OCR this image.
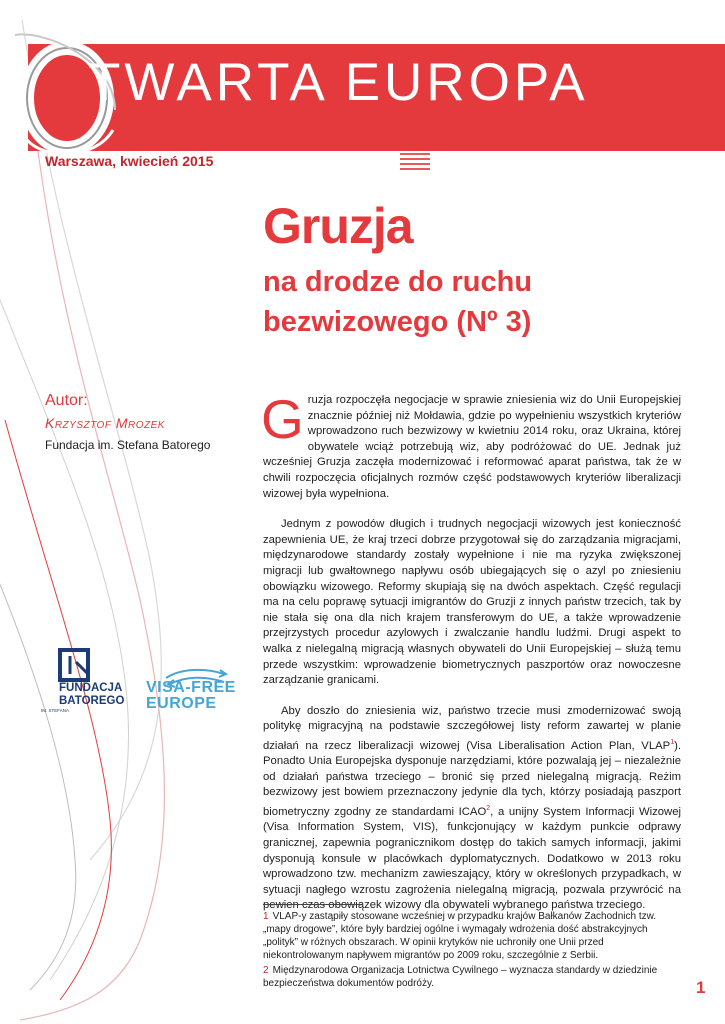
TWARTA EUROPA
Warszawa, kwiecień 2015
Gruzja
na drodze do ruchu
bezwizowego (Nº 3)
Autor:
Krzysztof Mrozek
Fundacja im. Stefana Batorego
FUNDACJA
BATOREGO
IM. STEFANA
VISA-FREE
EUROPE

Gruzja rozpoczęła negocjacje w sprawie zniesienia wiz do Unii Europejskiej znacznie później niż Mołdawia, gdzie po wypełnieniu wszystkich kryteriów wprowadzono ruch bezwizowy w kwietniu 2014 roku, oraz Ukraina, której obywatele wciąż potrzebują wiz, aby podróżować do UE. Jednak już wcześniej Gruzja zaczęła modernizować i reformować aparat państwa, tak że w chwili rozpoczęcia oficjalnych rozmów część podstawowych kryteriów liberalizacji wizowej była wypełniona.

Jednym z powodów długich i trudnych negocjacji wizowych jest konieczność zapewnienia UE, że kraj trzeci dobrze przygotował się do zarządzania migracjami, międzynarodowe standardy zostały wypełnione i nie ma ryzyka zwiększonej migracji lub gwałtownego napływu osób ubiegających się o azyl po zniesieniu obowiązku wizowego. Reformy skupiają się na dwóch aspektach. Część regulacji ma na celu poprawę sytuacji imigrantów do Gruzji z innych państw trzecich, tak by nie stała się ona dla nich krajem transferowym do UE, a także wprowadzenie przejrzystych procedur azylowych i zwalczanie handlu ludźmi. Drugi aspekt to walka z nielegalną migracją własnych obywateli do Unii Europejskiej – służą temu przede wszystkim: wprowadzenie biometrycznych paszportów oraz nowoczesne zarządzanie granicami.

Aby doszło do zniesienia wiz, państwo trzecie musi zmodernizować swoją politykę migracyjną na podstawie szczegółowej listy reform zawartej w planie działań na rzecz liberalizacji wizowej (Visa Liberalisation Action Plan, VLAP$^1$). Ponadto Unia Europejska dysponuje narzędziami, które pozwalają jej – niezależnie od działań państwa trzeciego – bronić się przed nielegalną migracją. Reżim bezwizowy jest bowiem przeznaczony jedynie dla tych, którzy posiadają paszport biometryczny zgodny ze standardami ICAO$^2$, a unijny System Informacji Wizowej (Visa Information System, VIS), funkcjonujący w każdym punkcie odprawy granicznej, zapewnia pogranicznikom dostęp do takich samych informacji, jakimi dysponują konsule w placówkach dyplomatycznych. Dodatkowo w 2013 roku wprowadzono tzw. mechanizm zawieszający, który w określonych przypadkach, w sytuacji nagłego wzrostu zagrożenia nielegalną migracją, pozwala przywrócić na pewien czas obowiązek wizowy dla obywateli wybranego państwa trzeciego.

1 VLAP-y zastąpiły stosowane wcześniej w przypadku krajów Bałkanów Zachodnich tzw. „mapy drogowe”, które były bardziej ogólne i wymagały wdrożenia dość abstrakcyjnych „polityk” w różnych obszarach. W opinii krytyków nie uchroniły one Unii przed niekontrolowanym napływem migrantów po 2009 roku, szczególnie z Serbii.
2 Międzynarodowa Organizacja Lotnictwa Cywilnego – wyznacza standardy w dziedzinie bezpieczeństwa dokumentów podróży.	1
